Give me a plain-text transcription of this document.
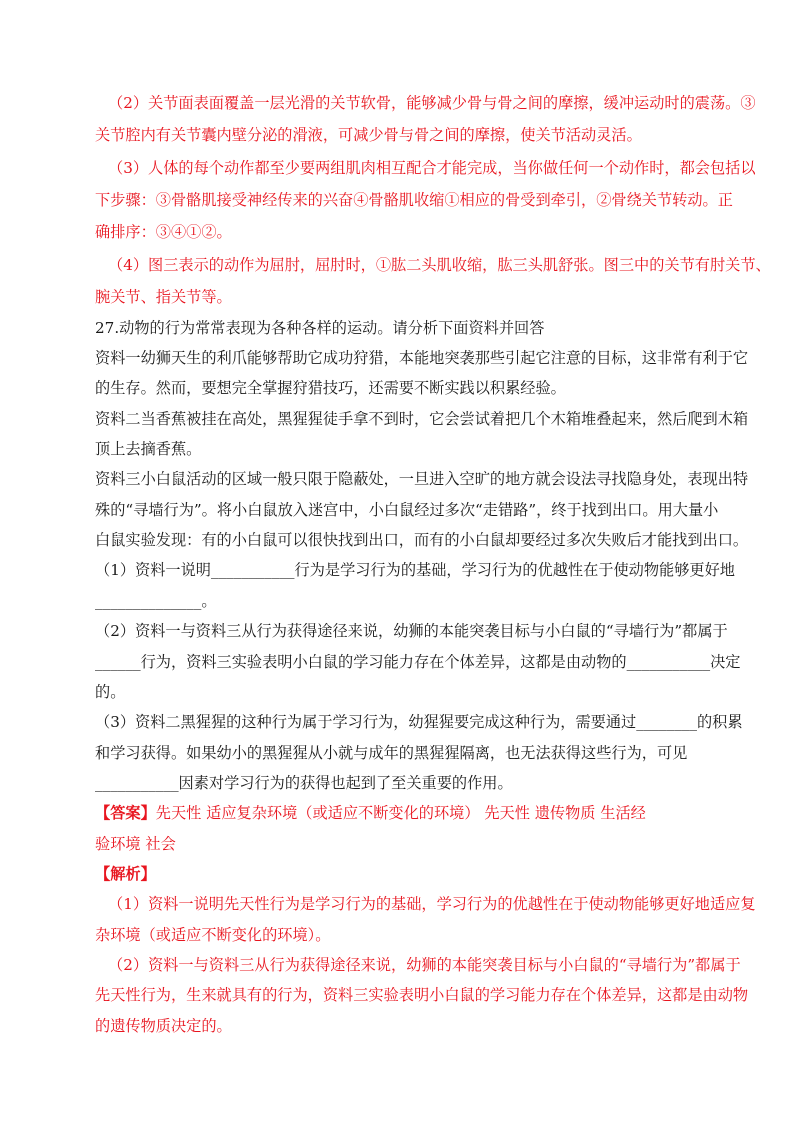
（2）关节面表面覆盖一层光滑的关节软骨，能够减少骨与骨之间的摩擦，缓冲运动时的震荡。③
关节腔内有关节囊内壁分泌的滑液，可减少骨与骨之间的摩擦，使关节活动灵活。
（3）人体的每个动作都至少要两组肌肉相互配合才能完成，当你做任何一个动作时，都会包括以
下步骤：③骨骼肌接受神经传来的兴奋④骨骼肌收缩①相应的骨受到牵引，②骨绕关节转动。正
确排序：③④①②。
（4）图三表示的动作为屈肘，屈肘时，①肱二头肌收缩，肱三头肌舒张。图三中的关节有肘关节、
腕关节、指关节等。
27.动物的行为常常表现为各种各样的运动。请分析下面资料并回答
资料一幼狮天生的利爪能够帮助它成功狩猎，本能地突袭那些引起它注意的目标，这非常有利于它
的生存。然而，要想完全掌握狩猎技巧，还需要不断实践以积累经验。
资料二当香蕉被挂在高处，黑猩猩徒手拿不到时，它会尝试着把几个木箱堆叠起来，然后爬到木箱
顶上去摘香蕉。
资料三小白鼠活动的区域一般只限于隐蔽处，一旦进入空旷的地方就会设法寻找隐身处，表现出特
殊的“寻墙行为”。将小白鼠放入迷宫中，小白鼠经过多次“走错路”，终于找到出口。用大量小
白鼠实验发现：有的小白鼠可以很快找到出口，而有的小白鼠却要经过多次失败后才能找到出口。
（1）资料一说明___________行为是学习行为的基础，学习行为的优越性在于使动物能够更好地
______________。
（2）资料一与资料三从行为获得途径来说，幼狮的本能突袭目标与小白鼠的“寻墙行为”都属于
______行为，资料三实验表明小白鼠的学习能力存在个体差异，这都是由动物的___________决定
的。
（3）资料二黑猩猩的这种行为属于学习行为，幼猩猩要完成这种行为，需要通过________的积累
和学习获得。如果幼小的黑猩猩从小就与成年的黑猩猩隔离，也无法获得这些行为，可见
___________因素对学习行为的获得也起到了至关重要的作用。
【答案】先天性 适应复杂环境（或适应不断变化的环境） 先天性 遗传物质 生活经
验环境 社会
【解析】
（1）资料一说明先天性行为是学习行为的基础，学习行为的优越性在于使动物能够更好地适应复
杂环境（或适应不断变化的环境）。
（2）资料一与资料三从行为获得途径来说，幼狮的本能突袭目标与小白鼠的“寻墙行为”都属于
先天性行为，生来就具有的行为，资料三实验表明小白鼠的学习能力存在个体差异，这都是由动物
的遗传物质决定的。
